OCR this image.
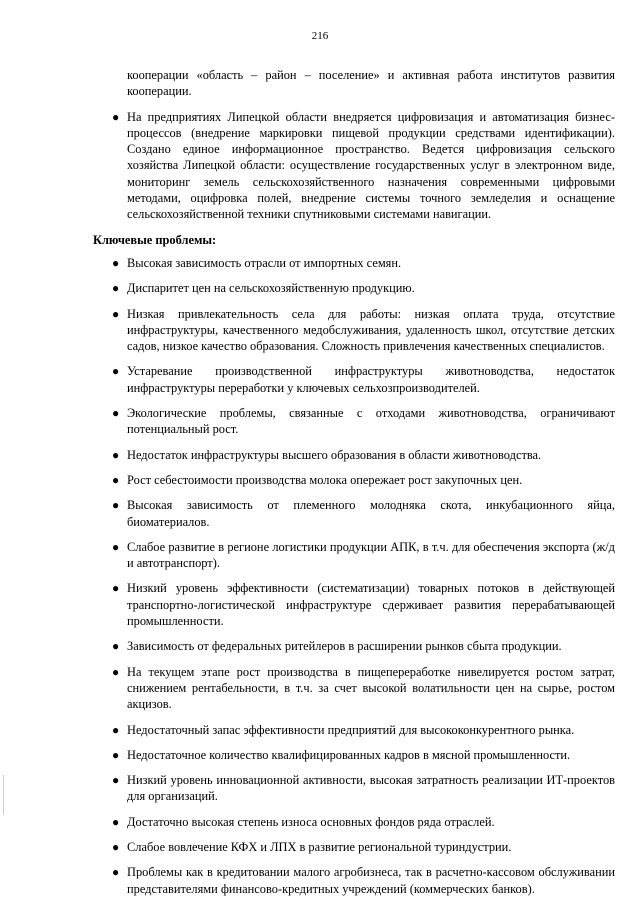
216

кооперации «область – район – поселение» и активная работа институтов развития кооперации.

● На предприятиях Липецкой области внедряется цифровизация и автоматизация бизнес-процессов (внедрение маркировки пищевой продукции средствами идентификации). Создано единое информационное пространство. Ведется цифровизация сельского хозяйства Липецкой области: осуществление государственных услуг в электронном виде, мониторинг земель сельскохозяйственного назначения современными цифровыми методами, оцифровка полей, внедрение системы точного земледелия и оснащение сельскохозяйственной техники спутниковыми системами навигации.

Ключевые проблемы:

● Высокая зависимость отрасли от импортных семян.
● Диспаритет цен на сельскохозяйственную продукцию.
● Низкая привлекательность села для работы: низкая оплата труда, отсутствие инфраструктуры, качественного медобслуживания, удаленность школ, отсутствие детских садов, низкое качество образования. Сложность привлечения качественных специалистов.
● Устаревание производственной инфраструктуры животноводства, недостаток инфраструктуры переработки у ключевых сельхозпроизводителей.
● Экологические проблемы, связанные с отходами животноводства, ограничивают потенциальный рост.
● Недостаток инфраструктуры высшего образования в области животноводства.
● Рост себестоимости производства молока опережает рост закупочных цен.
● Высокая зависимость от племенного молодняка скота, инкубационного яйца, биоматериалов.
● Слабое развитие в регионе логистики продукции АПК, в т.ч. для обеспечения экспорта (ж/д и автотранспорт).
● Низкий уровень эффективности (систематизации) товарных потоков в действующей транспортно-логистической инфраструктуре сдерживает развития перерабатывающей промышленности.
● Зависимость от федеральных ритейлеров в расширении рынков сбыта продукции.
● На текущем этапе рост производства в пищепереработке нивелируется ростом затрат, снижением рентабельности, в т.ч. за счет высокой волатильности цен на сырье, ростом акцизов.
● Недостаточный запас эффективности предприятий для высококонкурентного рынка.
● Недостаточное количество квалифицированных кадров в мясной промышленности.
● Низкий уровень инновационной активности, высокая затратность реализации ИТ-проектов для организаций.
● Достаточно высокая степень износа основных фондов ряда отраслей.
● Слабое вовлечение КФХ и ЛПХ в развитие региональной туриндустрии.
● Проблемы как в кредитовании малого агробизнеса, так в расчетно-кассовом обслуживании представителями финансово-кредитных учреждений (коммерческих банков).
